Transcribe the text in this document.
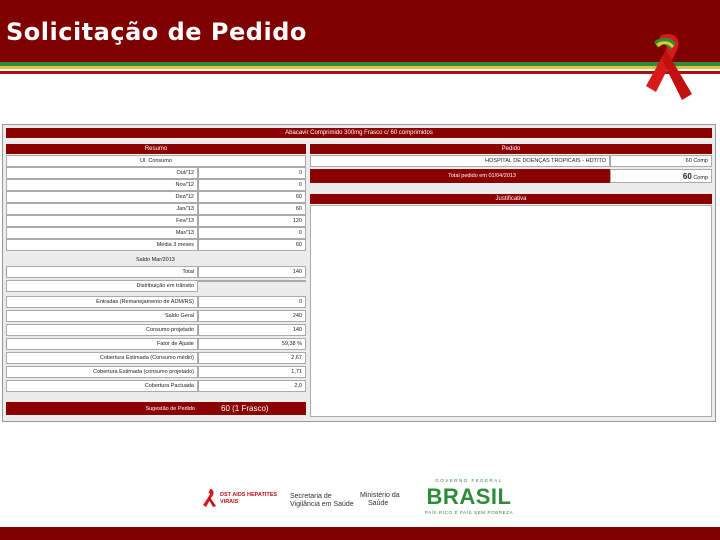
Solicitação de Pedido
Abacavir Comprimido 300mg Frasco c/ 60 comprimidos
Resumo	Pedido
Ul. Consumo
Out/'12	0
Nov/'12	0
Dez/'12	60
Jan/'13	60
Fev/'13	120
Mar/'13	0
Média 3 meses	60
Saldo Mar/2013
Total	140
Distribuição em trânsito
Entradas (Remanejamento de ADM/RS)	0
Saldo Geral	240
Consumo projetado	140
Fator de Ajuste	59,38 %
Cobertura Estimada (Consumo médio)	2,67
Cobertura Estimada (consumo projetado)	1,71
Cobertura Pactuada	2,0
Sugestão de Pedido	60 (1 Frasco)
HOSPITAL DE DOENÇAS TROPICAIS - HDT/TO	60 Comp
Total pedido em 01/04/2013	60 Comp
Justificativa
DST AIDS HEPATITES VIRAIS
Secretaria de
Vigilância em Saúde
Ministério da
Saúde
GOVERNO FEDERAL
BRASIL
PAÍS RICO É PAÍS SEM POBREZA
